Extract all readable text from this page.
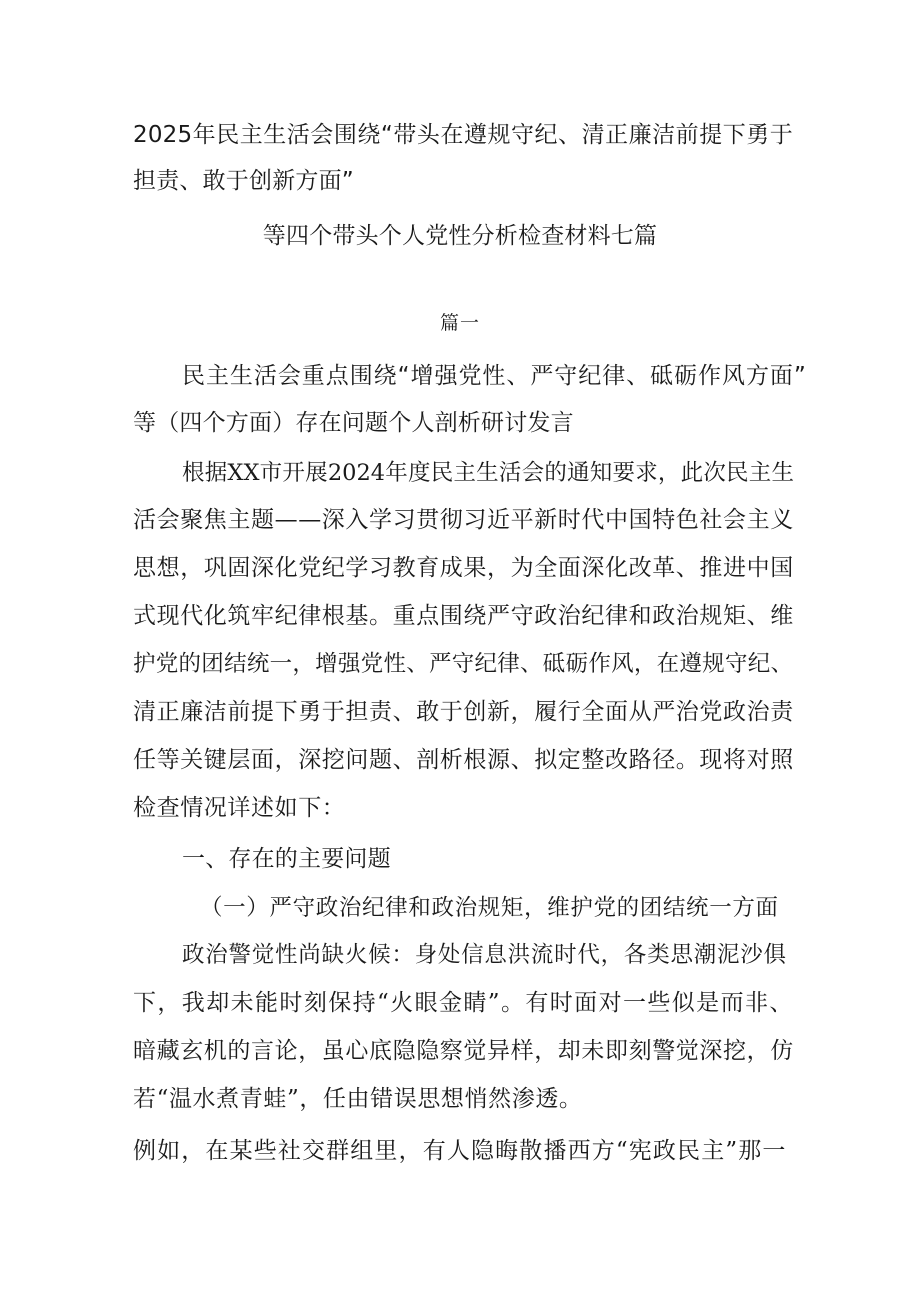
2025年民主生活会围绕“带头在遵规守纪、清正廉洁前提下勇于
担责、敢于创新方面”
等四个带头个人党性分析检查材料七篇
篇一
民主生活会重点围绕“增强党性、严守纪律、砥砺作风方面”
等（四个方面）存在问题个人剖析研讨发言
根据XX市开展2024年度民主生活会的通知要求，此次民主生
活会聚焦主题——深入学习贯彻习近平新时代中国特色社会主义
思想，巩固深化党纪学习教育成果，为全面深化改革、推进中国
式现代化筑牢纪律根基。重点围绕严守政治纪律和政治规矩、维
护党的团结统一，增强党性、严守纪律、砥砺作风，在遵规守纪、
清正廉洁前提下勇于担责、敢于创新，履行全面从严治党政治责
任等关键层面，深挖问题、剖析根源、拟定整改路径。现将对照
检查情况详述如下：
一、存在的主要问题
（一）严守政治纪律和政治规矩，维护党的团结统一方面
政治警觉性尚缺火候：身处信息洪流时代，各类思潮泥沙俱
下，我却未能时刻保持“火眼金睛”。有时面对一些似是而非、
暗藏玄机的言论，虽心底隐隐察觉异样，却未即刻警觉深挖，仿
若“温水煮青蛙”，任由错误思想悄然渗透。
例如，在某些社交群组里，有人隐晦散播西方“宪政民主”那一
